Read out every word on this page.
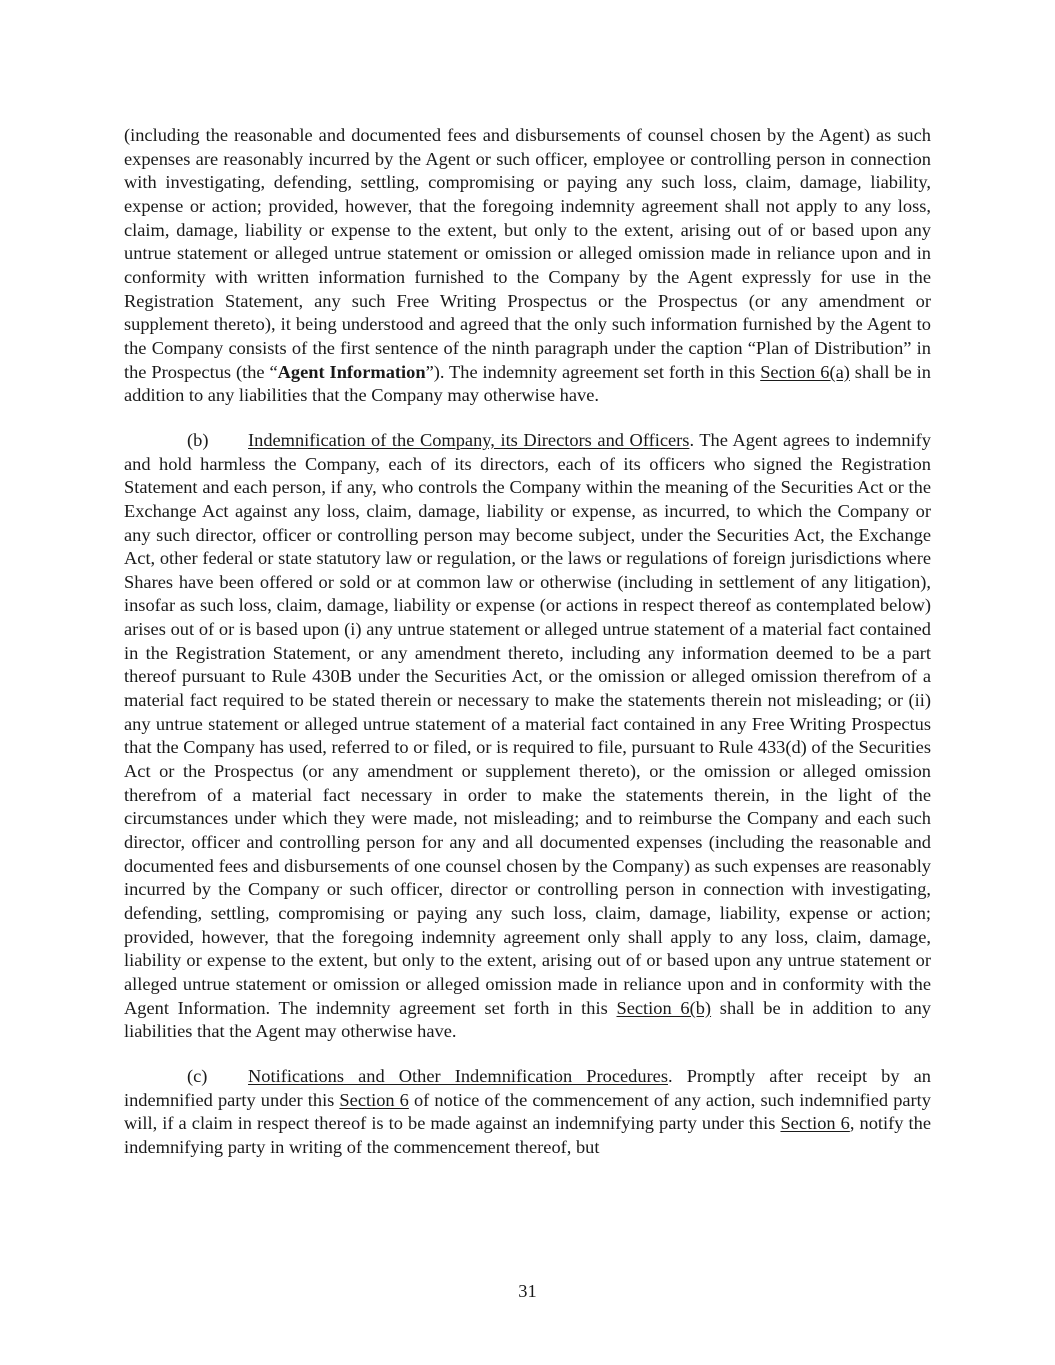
(including the reasonable and documented fees and disbursements of counsel chosen by the Agent) as such expenses are reasonably incurred by the Agent or such officer, employee or controlling person in connection with investigating, defending, settling, compromising or paying any such loss, claim, damage, liability, expense or action; provided, however, that the foregoing indemnity agreement shall not apply to any loss, claim, damage, liability or expense to the extent, but only to the extent, arising out of or based upon any untrue statement or alleged untrue statement or omission or alleged omission made in reliance upon and in conformity with written information furnished to the Company by the Agent expressly for use in the Registration Statement, any such Free Writing Prospectus or the Prospectus (or any amendment or supplement thereto), it being understood and agreed that the only such information furnished by the Agent to the Company consists of the first sentence of the ninth paragraph under the caption “Plan of Distribution” in the Prospectus (the “Agent Information”). The indemnity agreement set forth in this Section 6(a) shall be in addition to any liabilities that the Company may otherwise have.

(b) Indemnification of the Company, its Directors and Officers. The Agent agrees to indemnify and hold harmless the Company, each of its directors, each of its officers who signed the Registration Statement and each person, if any, who controls the Company within the meaning of the Securities Act or the Exchange Act against any loss, claim, damage, liability or expense, as incurred, to which the Company or any such director, officer or controlling person may become subject, under the Securities Act, the Exchange Act, other federal or state statutory law or regulation, or the laws or regulations of foreign jurisdictions where Shares have been offered or sold or at common law or otherwise (including in settlement of any litigation), insofar as such loss, claim, damage, liability or expense (or actions in respect thereof as contemplated below) arises out of or is based upon (i) any untrue statement or alleged untrue statement of a material fact contained in the Registration Statement, or any amendment thereto, including any information deemed to be a part thereof pursuant to Rule 430B under the Securities Act, or the omission or alleged omission therefrom of a material fact required to be stated therein or necessary to make the statements therein not misleading; or (ii) any untrue statement or alleged untrue statement of a material fact contained in any Free Writing Prospectus that the Company has used, referred to or filed, or is required to file, pursuant to Rule 433(d) of the Securities Act or the Prospectus (or any amendment or supplement thereto), or the omission or alleged omission therefrom of a material fact necessary in order to make the statements therein, in the light of the circumstances under which they were made, not misleading; and to reimburse the Company and each such director, officer and controlling person for any and all documented expenses (including the reasonable and documented fees and disbursements of one counsel chosen by the Company) as such expenses are reasonably incurred by the Company or such officer, director or controlling person in connection with investigating, defending, settling, compromising or paying any such loss, claim, damage, liability, expense or action; provided, however, that the foregoing indemnity agreement only shall apply to any loss, claim, damage, liability or expense to the extent, but only to the extent, arising out of or based upon any untrue statement or alleged untrue statement or omission or alleged omission made in reliance upon and in conformity with the Agent Information. The indemnity agreement set forth in this Section 6(b) shall be in addition to any liabilities that the Agent may otherwise have.

(c) Notifications and Other Indemnification Procedures. Promptly after receipt by an indemnified party under this Section 6 of notice of the commencement of any action, such indemnified party will, if a claim in respect thereof is to be made against an indemnifying party under this Section 6, notify the indemnifying party in writing of the commencement thereof, but

31
